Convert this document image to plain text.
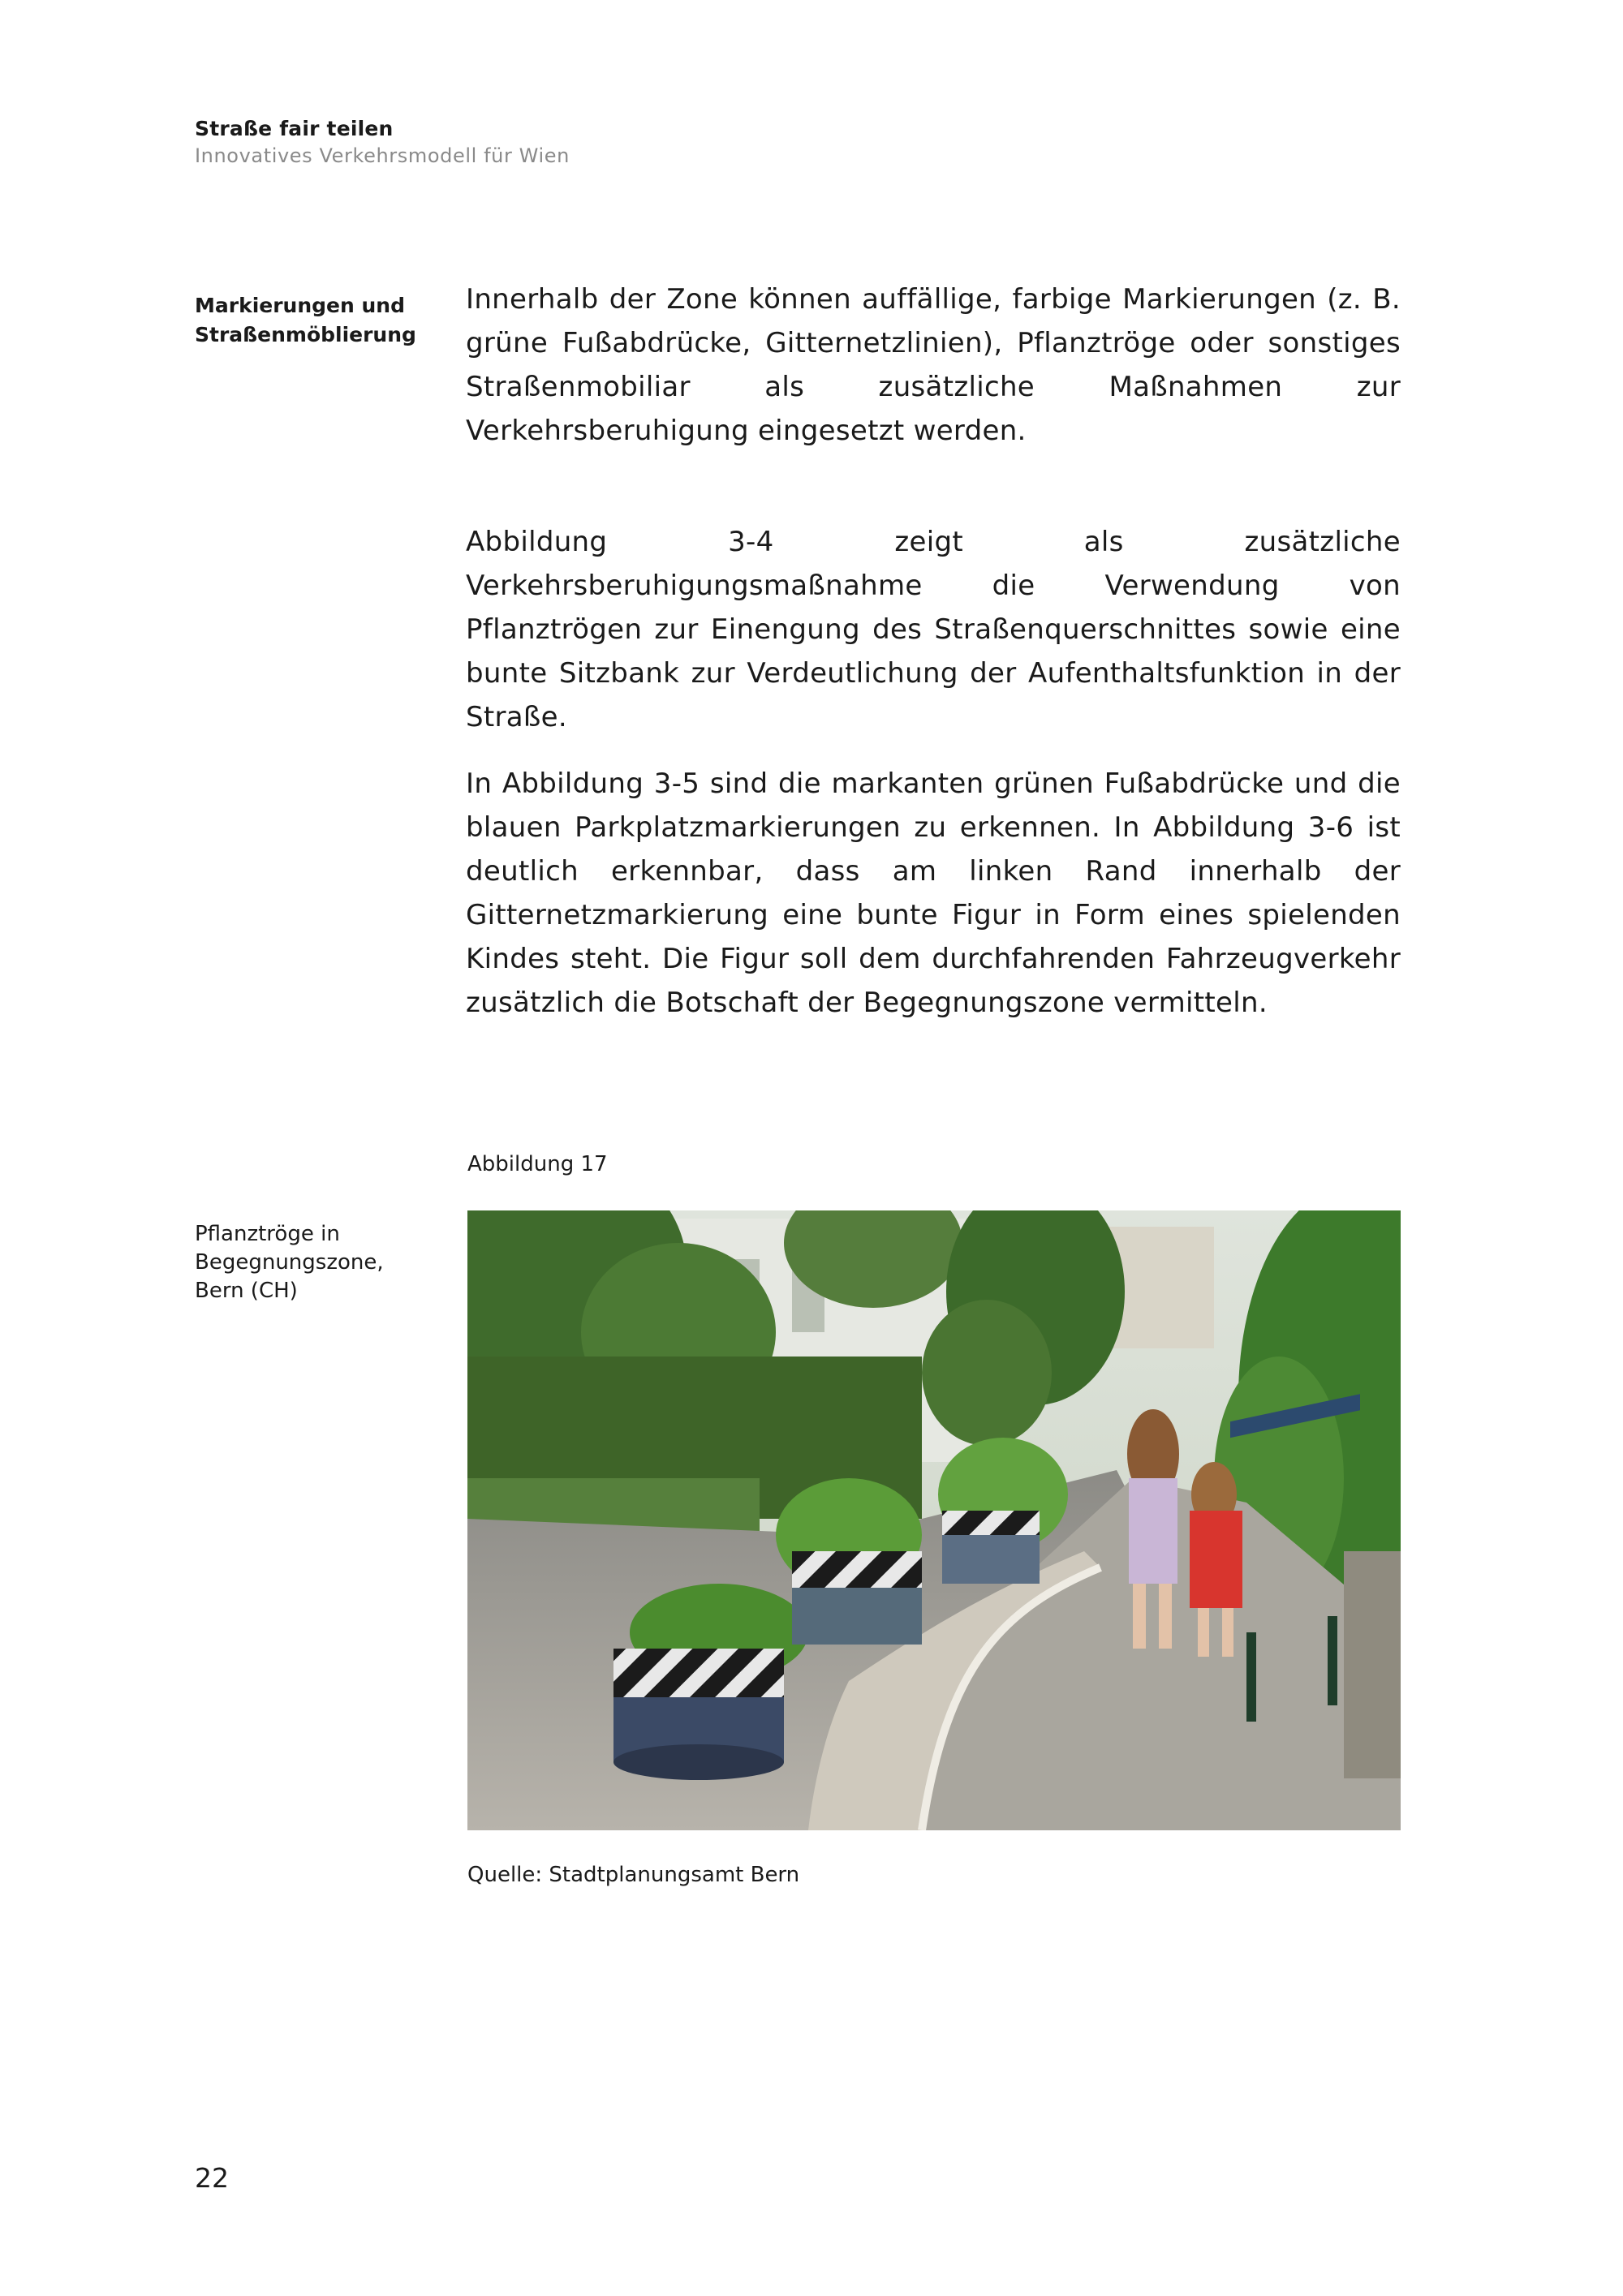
Straße fair teilen
Innovatives Verkehrsmodell für Wien
Markierungen und
Straßenmöblierung

Innerhalb der Zone können auffällige, farbige Markierungen (z. B. grüne Fußabdrücke, Gitternetzlinien), Pflanztröge oder sonstiges Straßenmobiliar als zusätzliche Maßnahmen zur Verkehrsberuhigung eingesetzt werden.

Abbildung 3-4 zeigt als zusätzliche Verkehrsberuhigungsmaßnahme die Verwendung von Pflanztrögen zur Einengung des Straßenquerschnittes sowie eine bunte Sitzbank zur Verdeutlichung der Aufenthaltsfunktion in der Straße.

In Abbildung 3-5 sind die markanten grünen Fußabdrücke und die blauen Parkplatzmarkierungen zu erkennen. In Abbildung 3-6 ist deutlich erkennbar, dass am linken Rand innerhalb der Gitternetzmarkierung eine bunte Figur in Form eines spielenden Kindes steht. Die Figur soll dem durchfahrenden Fahrzeugverkehr zusätzlich die Botschaft der Begegnungszone vermitteln.

Abbildung 17
Pflanztröge in
Begegnungszone,
Bern (CH)
Quelle: Stadtplanungsamt Bern
22
